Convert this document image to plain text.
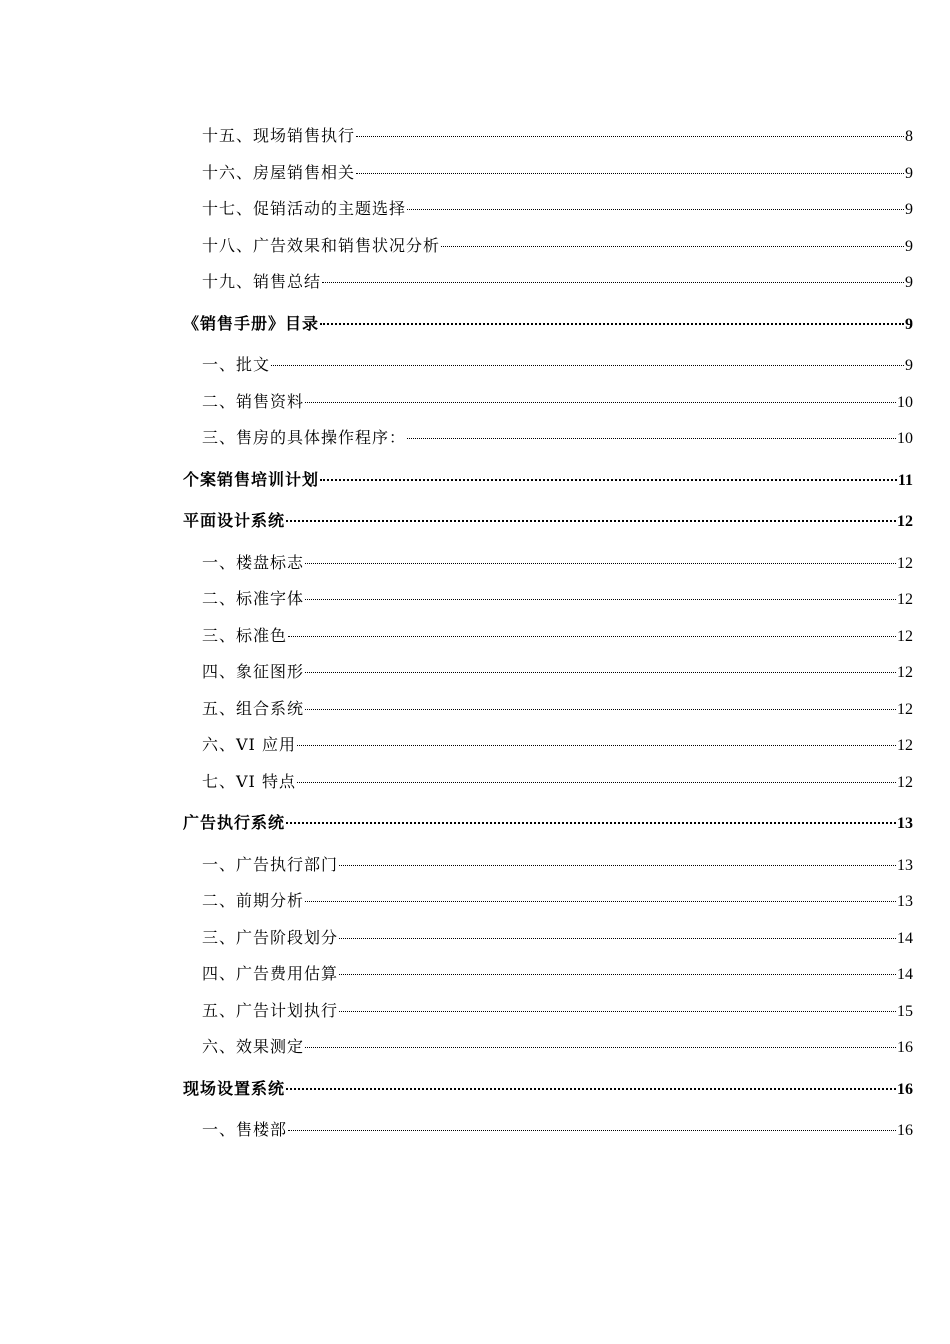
十五、现场销售执行	8
十六、房屋销售相关	9
十七、促销活动的主题选择	9
十八、广告效果和销售状况分析	9
十九、销售总结	9
《销售手册》目录	9
一、批文	9
二、销售资料	10
三、售房的具体操作程序：	10
个案销售培训计划	11
平面设计系统	12
一、楼盘标志	12
二、标准字体	12
三、标准色	12
四、象征图形	12
五、组合系统	12
六、VI 应用	12
七、VI 特点	12
广告执行系统	13
一、广告执行部门	13
二、前期分析	13
三、广告阶段划分	14
四、广告费用估算	14
五、广告计划执行	15
六、效果测定	16
现场设置系统	16
一、售楼部	16
